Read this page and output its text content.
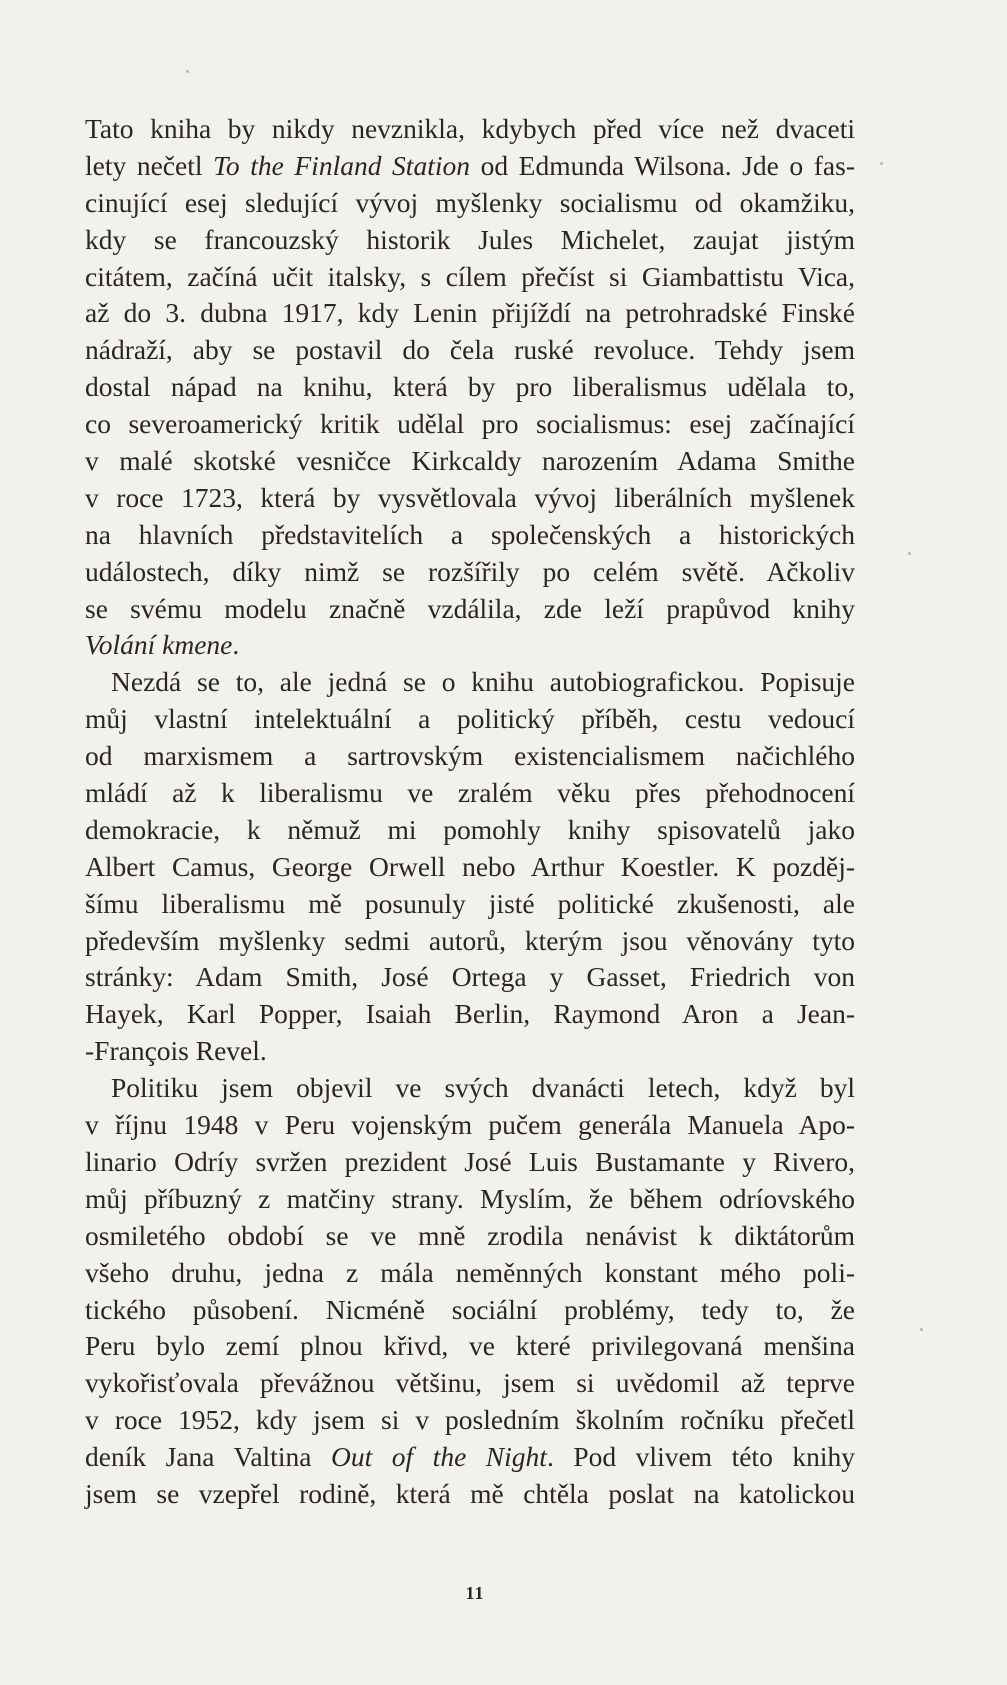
Tato kniha by nikdy nevznikla, kdybych před více než dvaceti
lety nečetl To the Finland Station od Edmunda Wilsona. Jde o fas-
cinující esej sledující vývoj myšlenky socialismu od okamžiku,
kdy se francouzský historik Jules Michelet, zaujat jistým
citátem, začíná učit italsky, s cílem přečíst si Giambattistu Vica,
až do 3. dubna 1917, kdy Lenin přijíždí na petrohradské Finské
nádraží, aby se postavil do čela ruské revoluce. Tehdy jsem
dostal nápad na knihu, která by pro liberalismus udělala to,
co severoamerický kritik udělal pro socialismus: esej začínající
v malé skotské vesničce Kirkcaldy narozením Adama Smithe
v roce 1723, která by vysvětlovala vývoj liberálních myšlenek
na hlavních představitelích a společenských a historických
událostech, díky nimž se rozšířily po celém světě. Ačkoliv
se svému modelu značně vzdálila, zde leží prapůvod knihy
Volání kmene.
Nezdá se to, ale jedná se o knihu autobiografickou. Popisuje
můj vlastní intelektuální a politický příběh, cestu vedoucí
od marxismem a sartrovským existencialismem načichlého
mládí až k liberalismu ve zralém věku přes přehodnocení
demokracie, k němuž mi pomohly knihy spisovatelů jako
Albert Camus, George Orwell nebo Arthur Koestler. K pozděj-
šímu liberalismu mě posunuly jisté politické zkušenosti, ale
především myšlenky sedmi autorů, kterým jsou věnovány tyto
stránky: Adam Smith, José Ortega y Gasset, Friedrich von
Hayek, Karl Popper, Isaiah Berlin, Raymond Aron a Jean-
-François Revel.
Politiku jsem objevil ve svých dvanácti letech, když byl
v říjnu 1948 v Peru vojenským pučem generála Manuela Apo-
linario Odríy svržen prezident José Luis Bustamante y Rivero,
můj příbuzný z matčiny strany. Myslím, že během odríovského
osmiletého období se ve mně zrodila nenávist k diktátorům
všeho druhu, jedna z mála neměnných konstant mého poli-
tického působení. Nicméně sociální problémy, tedy to, že
Peru bylo zemí plnou křivd, ve které privilegovaná menšina
vykořisťovala převážnou většinu, jsem si uvědomil až teprve
v roce 1952, kdy jsem si v posledním školním ročníku přečetl
deník Jana Valtina Out of the Night. Pod vlivem této knihy
jsem se vzepřel rodině, která mě chtěla poslat na katolickou
11
